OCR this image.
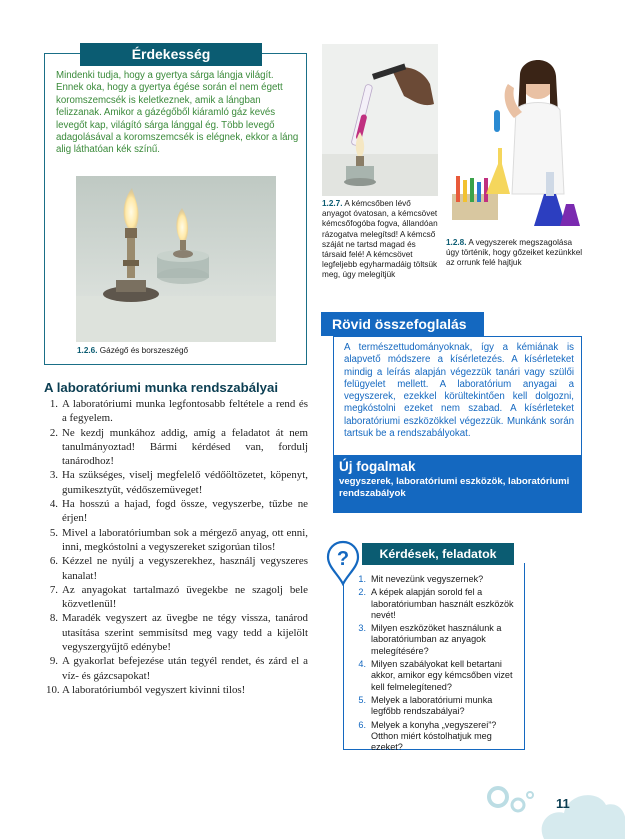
Érdekesség
Mindenki tudja, hogy a gyertya sárga lángja világít. Ennek oka, hogy a gyertya égése során el nem égett koromszemcsék is keletkeznek, amik a lángban felizzanak. Amikor a gázégőből kiáramló gáz kevés levegőt kap, világító sárga lánggal ég. Több levegő adagolásával a koromszemcsék is elégnek, ekkor a láng alig láthatóan kék színű.
1.2.6. Gázégő és borszeszégő
1.2.7. A kémcsőben lévő anyagot óvatosan, a kémcsövet kémcsőfogóba fogva, állandóan rázogatva melegítsd! A kémcső száját ne tartsd magad és társaid felé! A kémcsövet legfeljebb egyharmadáig töltsük meg, úgy melegítjük
1.2.8. A vegyszerek megszagolása úgy történik, hogy gőzeiket kezünkkel az orrunk felé hajtjuk
A laboratóriumi munka rendszabályai
1. A laboratóriumi munka legfontosabb feltétele a rend és a fegyelem.
2. Ne kezdj munkához addig, amíg a feladatot át nem tanulmányoztad! Bármi kérdésed van, fordulj tanárodhoz!
3. Ha szükséges, viselj megfelelő védőöltözetet, köpenyt, gumikesztyűt, védőszemüveget!
4. Ha hosszú a hajad, fogd össze, vegyszerbe, tűzbe ne érjen!
5. Mivel a laboratóriumban sok a mérgező anyag, ott enni, inni, megkóstolni a vegyszereket szigorúan tilos!
6. Kézzel ne nyúlj a vegyszerekhez, használj vegyszeres kanalat!
7. Az anyagokat tartalmazó üvegekbe ne szagolj bele közvetlenül!
8. Maradék vegyszert az üvegbe ne tégy vissza, tanárod utasítása szerint semmisítsd meg vagy tedd a kijelölt vegyszergyűjtő edénybe!
9. A gyakorlat befejezése után tegyél rendet, és zárd el a víz- és gázcsapokat!
10. A laboratóriumból vegyszert kivinni tilos!
Rövid összefoglalás
A természettudományoknak, így a kémiának is alapvető módszere a kísérletezés. A kísérleteket mindig a leírás alapján végezzük tanári vagy szülői felügyelet mellett. A laboratórium anyagai a vegyszerek, ezekkel körültekintően kell dolgozni, megkóstolni ezeket nem szabad. A kísérleteket laboratóriumi eszközökkel végezzük. Munkánk során tartsuk be a rendszabályokat.
Új fogalmak
vegyszerek, laboratóriumi eszközök, laboratóriumi rendszabályok
Kérdések, feladatok
?
1. Mit nevezünk vegyszernek?
2. A képek alapján sorold fel a laboratóriumban használt eszközök nevét!
3. Milyen eszközöket használunk a laboratóriumban az anyagok melegítésére?
4. Milyen szabályokat kell betartani akkor, amikor egy kémcsőben vizet kell felmelegítened?
5. Melyek a laboratóriumi munka legfőbb rendszabályai?
6. Melyek a konyha „vegyszerei”? Otthon miért kóstolhatjuk meg ezeket?
11
